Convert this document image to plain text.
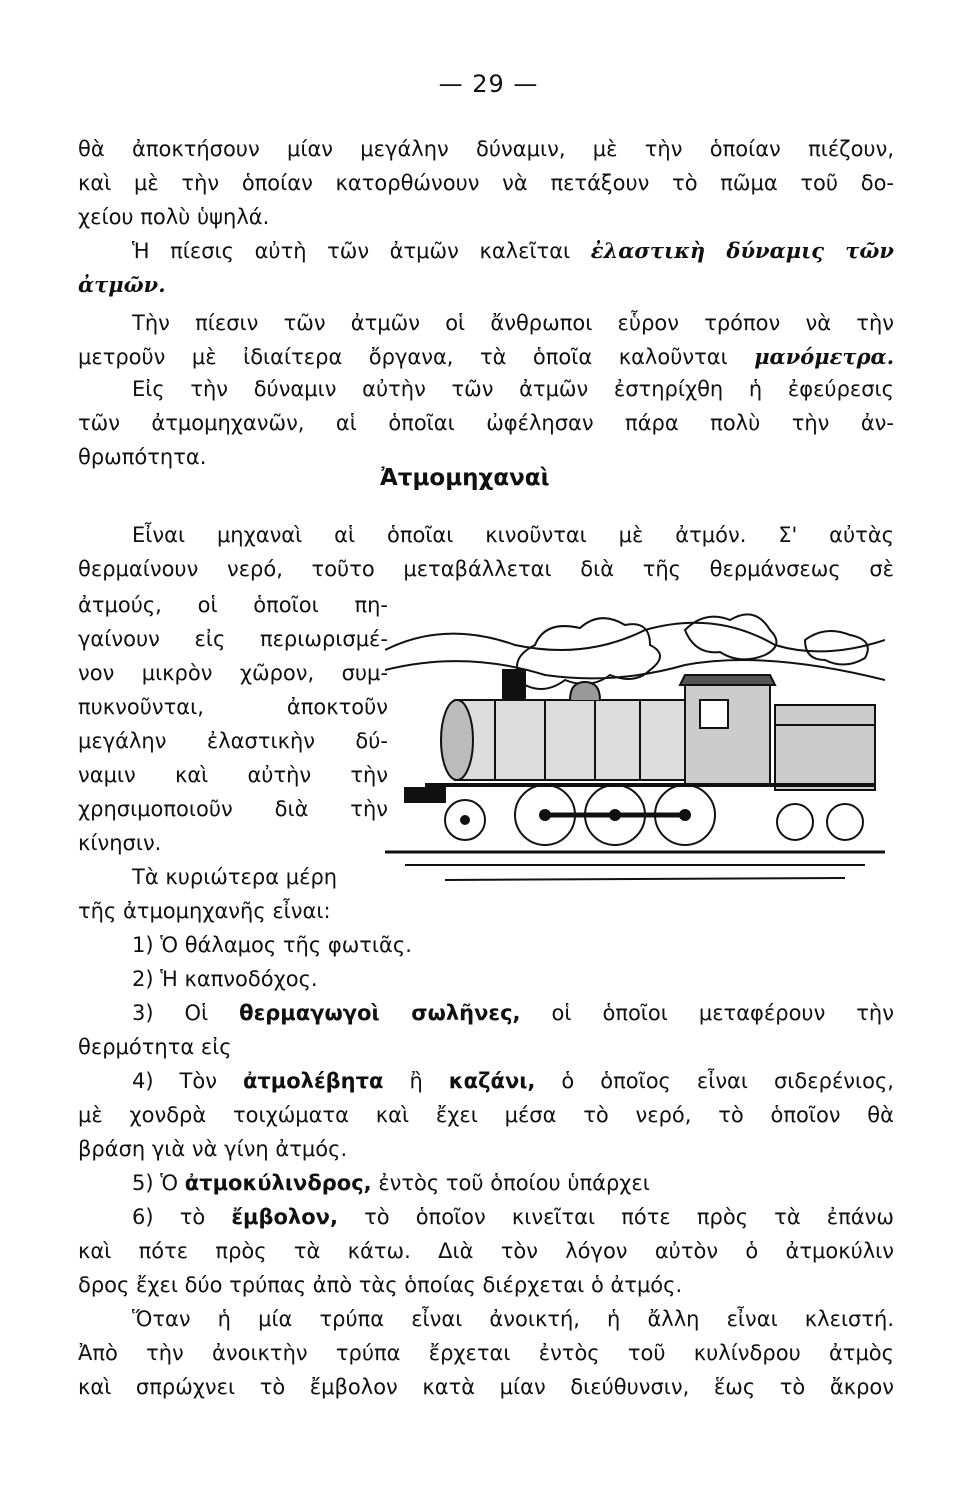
— 29 —
θὰ ἀποκτήσουν μίαν μεγάλην δύναμιν, μὲ τὴν ὁποίαν πιέζουν,
καὶ μὲ τὴν ὁποίαν κατορθώνουν νὰ πετάξουν τὸ πῶμα τοῦ δο-
χείου πολὺ ὑψηλά.
Ἡ πίεσις αὐτὴ τῶν ἀτμῶν καλεῖται ἐλαστικὴ δύναμις τῶν
ἀτμῶν.
Τὴν πίεσιν τῶν ἀτμῶν οἱ ἄνθρωποι εὗρον τρόπον νὰ τὴν
μετροῦν μὲ ἰδιαίτερα ὄργανα, τὰ ὁποῖα καλοῦνται μανόμετρα.
Εἰς τὴν δύναμιν αὐτὴν τῶν ἀτμῶν ἐστηρίχθη ἡ ἐφεύρεσις
τῶν ἀτμομηχανῶν, αἱ ὁποῖαι ὠφέλησαν πάρα πολὺ τὴν ἀν-
θρωπότητα.
Ἀτμομηχαναὶ
Εἶναι μηχαναὶ αἱ ὁποῖαι κινοῦνται μὲ ἀτμόν. Σ' αὐτὰς
θερμαίνουν νερό, τοῦτο μεταβάλλεται διὰ τῆς θερμάνσεως σὲ
ἀτμούς, οἱ ὁποῖοι πη-
γαίνουν εἰς περιωρισμέ-
νον μικρὸν χῶρον, συμ-
πυκνοῦνται, ἀποκτοῦν
μεγάλην ἐλαστικὴν δύ-
ναμιν καὶ αὐτὴν τὴν
χρησιμοποιοῦν διὰ τὴν
κίνησιν.
Τὰ κυριώτερα μέρη
τῆς ἀτμομηχανῆς εἶναι:
1) Ὁ θάλαμος τῆς φωτιᾶς.
2) Ἡ καπνοδόχος.
3) Οἱ θερμαγωγοὶ σωλῆνες, οἱ ὁποῖοι μεταφέρουν τὴν
θερμότητα εἰς
4) Τὸν ἀτμολέβητα ἢ καζάνι, ὁ ὁποῖος εἶναι σιδερένιος,
μὲ χονδρὰ τοιχώματα καὶ ἔχει μέσα τὸ νερό, τὸ ὁποῖον θὰ
βράση γιὰ νὰ γίνη ἀτμός.
5) Ὁ ἀτμοκύλινδρος, ἐντὸς τοῦ ὁποίου ὑπάρχει
6) τὸ ἔμβολον, τὸ ὁποῖον κινεῖται πότε πρὸς τὰ ἐπάνω
καὶ πότε πρὸς τὰ κάτω. Διὰ τὸν λόγον αὐτὸν ὁ ἀτμοκύλιν
δρος ἔχει δύο τρύπας ἀπὸ τὰς ὁποίας διέρχεται ὁ ἀτμός.
Ὅταν ἡ μία τρύπα εἶναι ἀνοικτή, ἡ ἄλλη εἶναι κλειστή.
Ἀπὸ τὴν ἀνοικτὴν τρύπα ἔρχεται ἐντὸς τοῦ κυλίνδρου ἀτμὸς
καὶ σπρώχνει τὸ ἔμβολον κατὰ μίαν διεύθυνσιν, ἕως τὸ ἄκρον
